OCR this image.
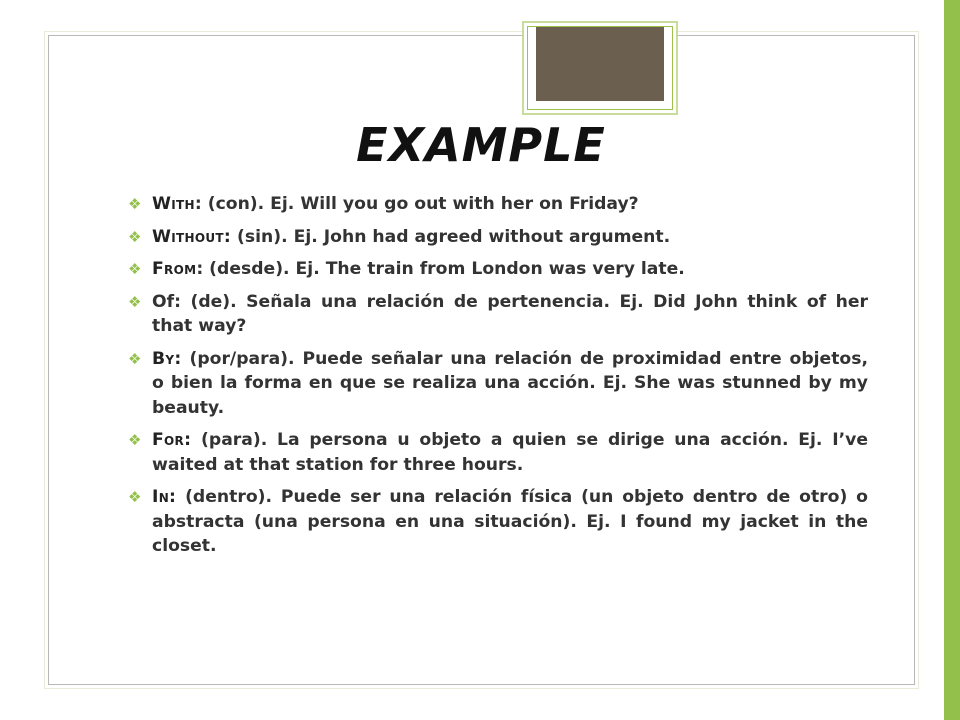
EXAMPLE
❖ With: (con). Ej. Will you go out with her on Friday?
❖ Without: (sin). Ej. John had agreed without argument.
❖ From: (desde). Ej. The train from London was very late.
❖ Of: (de). Señala una relación de pertenencia. Ej. Did John think of her that way?
❖ By: (por/para). Puede señalar una relación de proximidad entre objetos, o bien la forma en que se realiza una acción. Ej. She was stunned by my beauty.
❖ For: (para). La persona u objeto a quien se dirige una acción. Ej. I’ve waited at that station for three hours.
❖ In: (dentro). Puede ser una relación física (un objeto dentro de otro) o abstracta (una persona en una situación). Ej. I found my jacket in the closet.
